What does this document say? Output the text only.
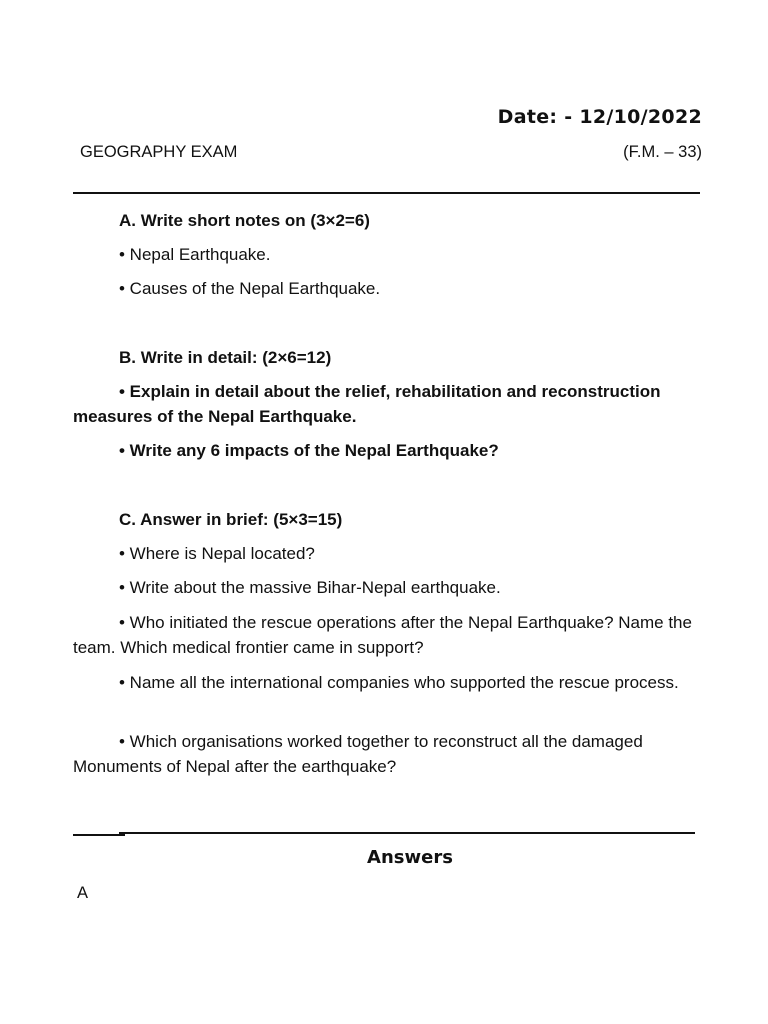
Date: - 12/10/2022
GEOGRAPHY EXAM	(F.M. – 33)
A. Write short notes on (3×2=6)
• Nepal Earthquake.
• Causes of the Nepal Earthquake.
B. Write in detail: (2×6=12)
• Explain in detail about the relief, rehabilitation and reconstruction measures of the Nepal Earthquake.
• Write any 6 impacts of the Nepal Earthquake?
C. Answer in brief: (5×3=15)
• Where is Nepal located?
• Write about the massive Bihar-Nepal earthquake.
• Who initiated the rescue operations after the Nepal Earthquake? Name the team. Which medical frontier came in support?
• Name all the international companies who supported the rescue process.
• Which organisations worked together to reconstruct all the damaged Monuments of Nepal after the earthquake?
Answers
A
